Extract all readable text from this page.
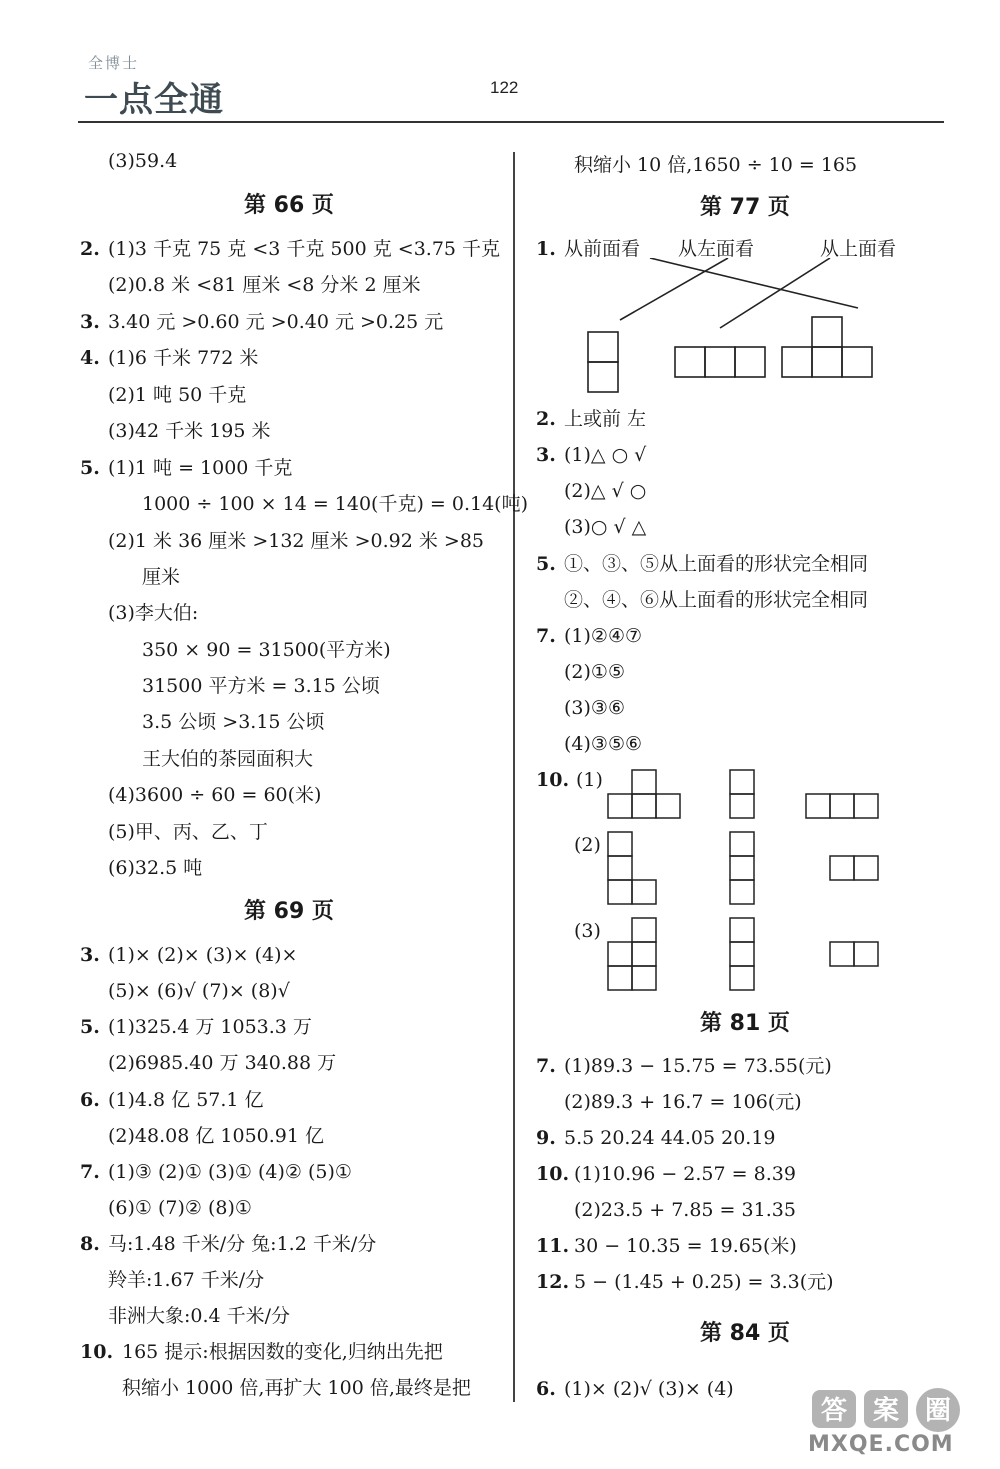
全博士
一点全通	122
(3)59.4
第 66 页
2. (1)3 千克 75 克 <3 千克 500 克 <3.75 千克
(2)0.8 米 <81 厘米 <8 分米 2 厘米
3. 3.40 元 >0.60 元 >0.40 元 >0.25 元
4. (1)6 千米 772 米
(2)1 吨 50 千克
(3)42 千米 195 米
5. (1)1 吨 = 1000 千克
1000 ÷ 100 × 14 = 140(千克) = 0.14(吨)
(2)1 米 36 厘米 >132 厘米 >0.92 米 >85
厘米
(3)李大伯:
350 × 90 = 31500(平方米)
31500 平方米 = 3.15 公顷
3.5 公顷 >3.15 公顷
王大伯的茶园面积大
(4)3600 ÷ 60 = 60(米)
(5)甲、丙、乙、丁
(6)32.5 吨
第 69 页
3. (1)× (2)× (3)× (4)×
(5)× (6)√ (7)× (8)√
5. (1)325.4 万 1053.3 万
(2)6985.40 万 340.88 万
6. (1)4.8 亿 57.1 亿
(2)48.08 亿 1050.91 亿
7. (1)③ (2)① (3)① (4)② (5)①
(6)① (7)② (8)①
8. 马:1.48 千米/分 兔:1.2 千米/分
羚羊:1.67 千米/分
非洲大象:0.4 千米/分
10. 165 提示:根据因数的变化,归纳出先把
积缩小 1000 倍,再扩大 100 倍,最终是把
积缩小 10 倍,1650 ÷ 10 = 165
第 77 页
1. 从前面看 从左面看	从上面看
2. 上或前 左
3. (1)△ ○ √
(2)△ √ ○
(3)○ √ △
5. ①、③、⑤从上面看的形状完全相同
②、④、⑥从上面看的形状完全相同
7. (1)②④⑦
(2)①⑤
(3)③⑥
(4)③⑤⑥
10. (1)
(2)
(3)
第 81 页
7. (1)89.3 − 15.75 = 73.55(元)
(2)89.3 + 16.7 = 106(元)
9. 5.5 20.24 44.05 20.19
10. (1)10.96 − 2.57 = 8.39
(2)23.5 + 7.85 = 31.35
11. 30 − 10.35 = 19.65(米)
12. 5 − (1.45 + 0.25) = 3.3(元)
第 84 页
6. (1)× (2)√ (3)× (4)
答 案 圈
MXQE.COM
